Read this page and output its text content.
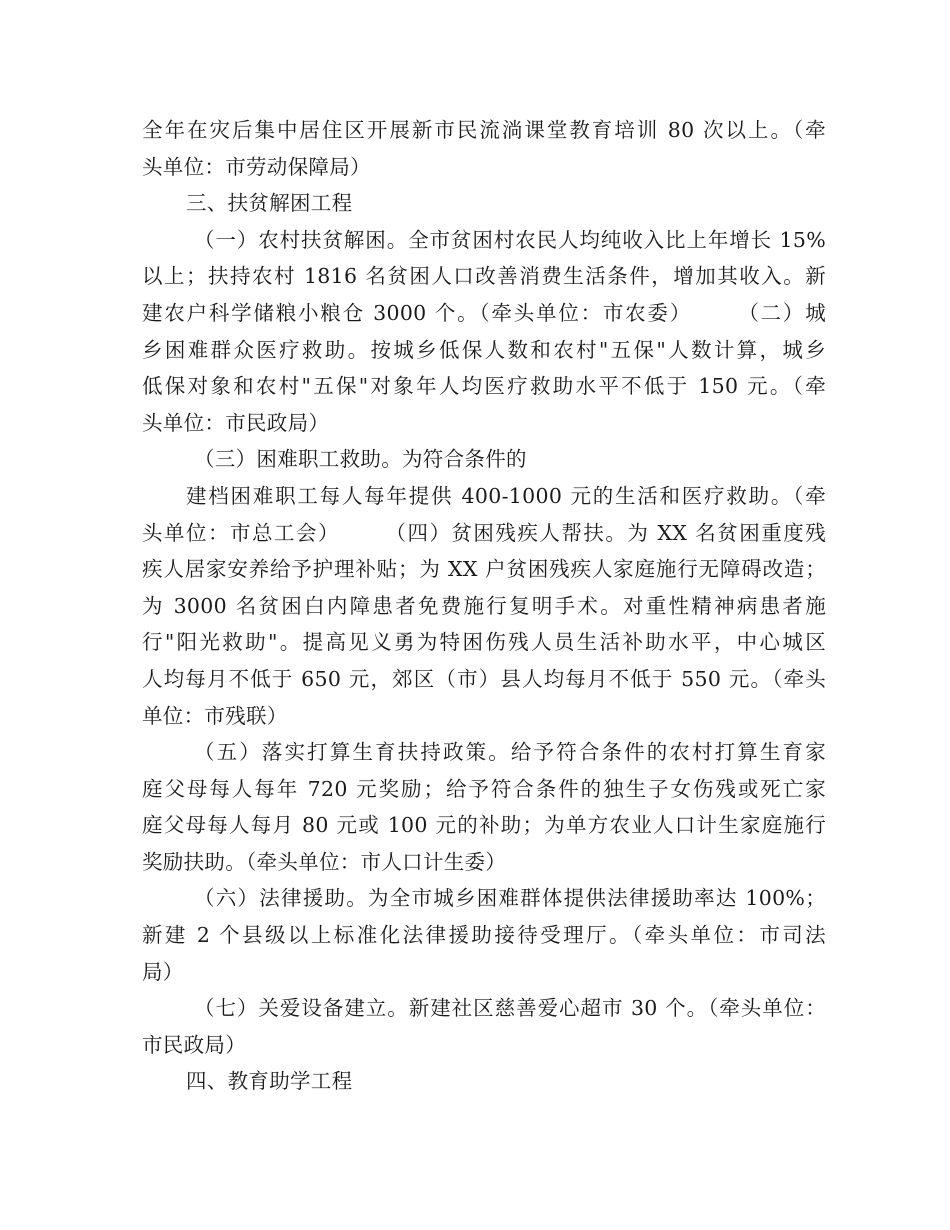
全年在灾后集中居住区开展新市民流淌课堂教育培训 80 次以上。（牵
头单位：市劳动保障局）
三、扶贫解困工程
（一）农村扶贫解困。全市贫困村农民人均纯收入比上年增长 15%
以上；扶持农村 1816 名贫困人口改善消费生活条件，增加其收入。新
建农户科学储粮小粮仓 3000 个。（牵头单位：市农委）　　　（二）城
乡困难群众医疗救助。按城乡低保人数和农村"五保"人数计算，城乡
低保对象和农村"五保"对象年人均医疗救助水平不低于 150 元。（牵
头单位：市民政局）
（三）困难职工救助。为符合条件的
建档困难职工每人每年提供 400-1000 元的生活和医疗救助。（牵
头单位：市总工会）　　　（四）贫困残疾人帮扶。为 XX 名贫困重度残
疾人居家安养给予护理补贴；为 XX 户贫困残疾人家庭施行无障碍改造；
为 3000 名贫困白内障患者免费施行复明手术。对重性精神病患者施
行"阳光救助"。提高见义勇为特困伤残人员生活补助水平，中心城区
人均每月不低于 650 元，郊区（市）县人均每月不低于 550 元。（牵头
单位：市残联）
（五）落实打算生育扶持政策。给予符合条件的农村打算生育家
庭父母每人每年 720 元奖励；给予符合条件的独生子女伤残或死亡家
庭父母每人每月 80 元或 100 元的补助；为单方农业人口计生家庭施行
奖励扶助。（牵头单位：市人口计生委）
（六）法律援助。为全市城乡困难群体提供法律援助率达 100%；
新建 2 个县级以上标准化法律援助接待受理厅。（牵头单位：市司法
局）
（七）关爱设备建立。新建社区慈善爱心超市 30 个。（牵头单位：
市民政局）
四、教育助学工程
